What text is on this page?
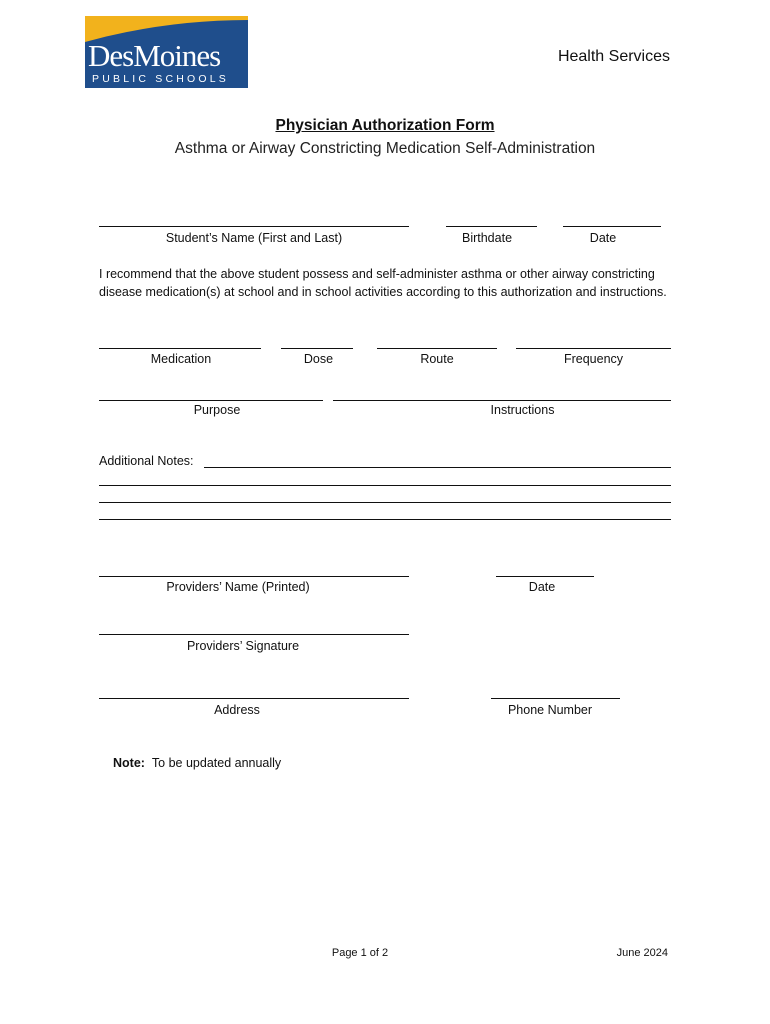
DesMoines
PUBLIC SCHOOLS
Health Services
Physician Authorization Form
Asthma or Airway Constricting Medication Self-Administration
Student’s Name (First and Last)	Birthdate	Date
I recommend that the above student possess and self-administer asthma or other airway constricting disease medication(s) at school and in school activities according to this authorization and instructions.
Medication	Dose	Route	Frequency
Purpose	Instructions
Additional Notes:
Providers’ Name (Printed)	Date
Providers’ Signature
Address	Phone Number
Note: To be updated annually
Page 1 of 2	June 2024
